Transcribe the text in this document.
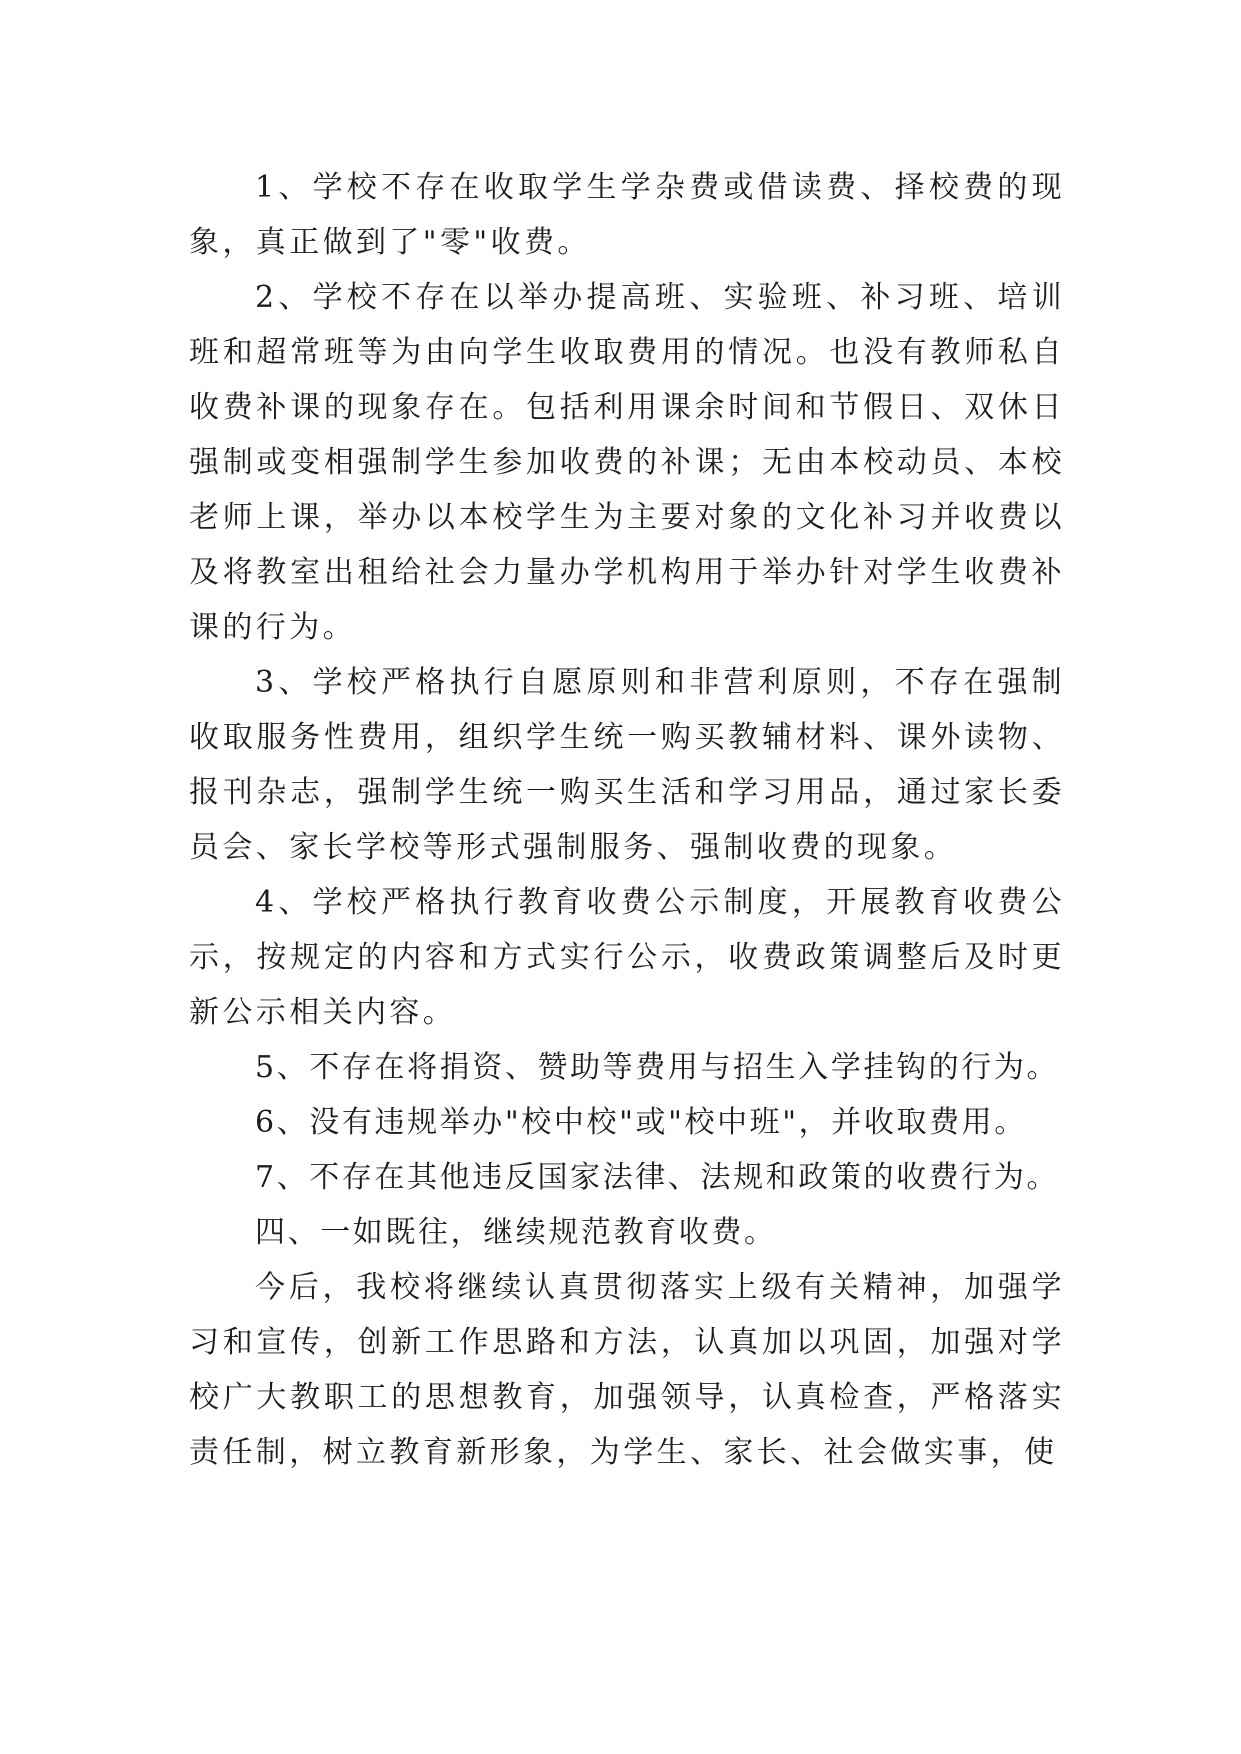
1、学校不存在收取学生学杂费或借读费、择校费的现象，真正做到了"零"收费。

2、学校不存在以举办提高班、实验班、补习班、培训班和超常班等为由向学生收取费用的情况。也没有教师私自收费补课的现象存在。包括利用课余时间和节假日、双休日强制或变相强制学生参加收费的补课；无由本校动员、本校老师上课，举办以本校学生为主要对象的文化补习并收费以及将教室出租给社会力量办学机构用于举办针对学生收费补课的行为。

3、学校严格执行自愿原则和非营利原则，不存在强制收取服务性费用，组织学生统一购买教辅材料、课外读物、报刊杂志，强制学生统一购买生活和学习用品，通过家长委员会、家长学校等形式强制服务、强制收费的现象。

4、学校严格执行教育收费公示制度，开展教育收费公示，按规定的内容和方式实行公示，收费政策调整后及时更新公示相关内容。

5、不存在将捐资、赞助等费用与招生入学挂钩的行为。

6、没有违规举办"校中校"或"校中班"，并收取费用。

7、不存在其他违反国家法律、法规和政策的收费行为。

四、一如既往，继续规范教育收费。

今后，我校将继续认真贯彻落实上级有关精神，加强学习和宣传，创新工作思路和方法，认真加以巩固，加强对学校广大教职工的思想教育，加强领导，认真检查，严格落实责任制，树立教育新形象，为学生、家长、社会做实事，使
